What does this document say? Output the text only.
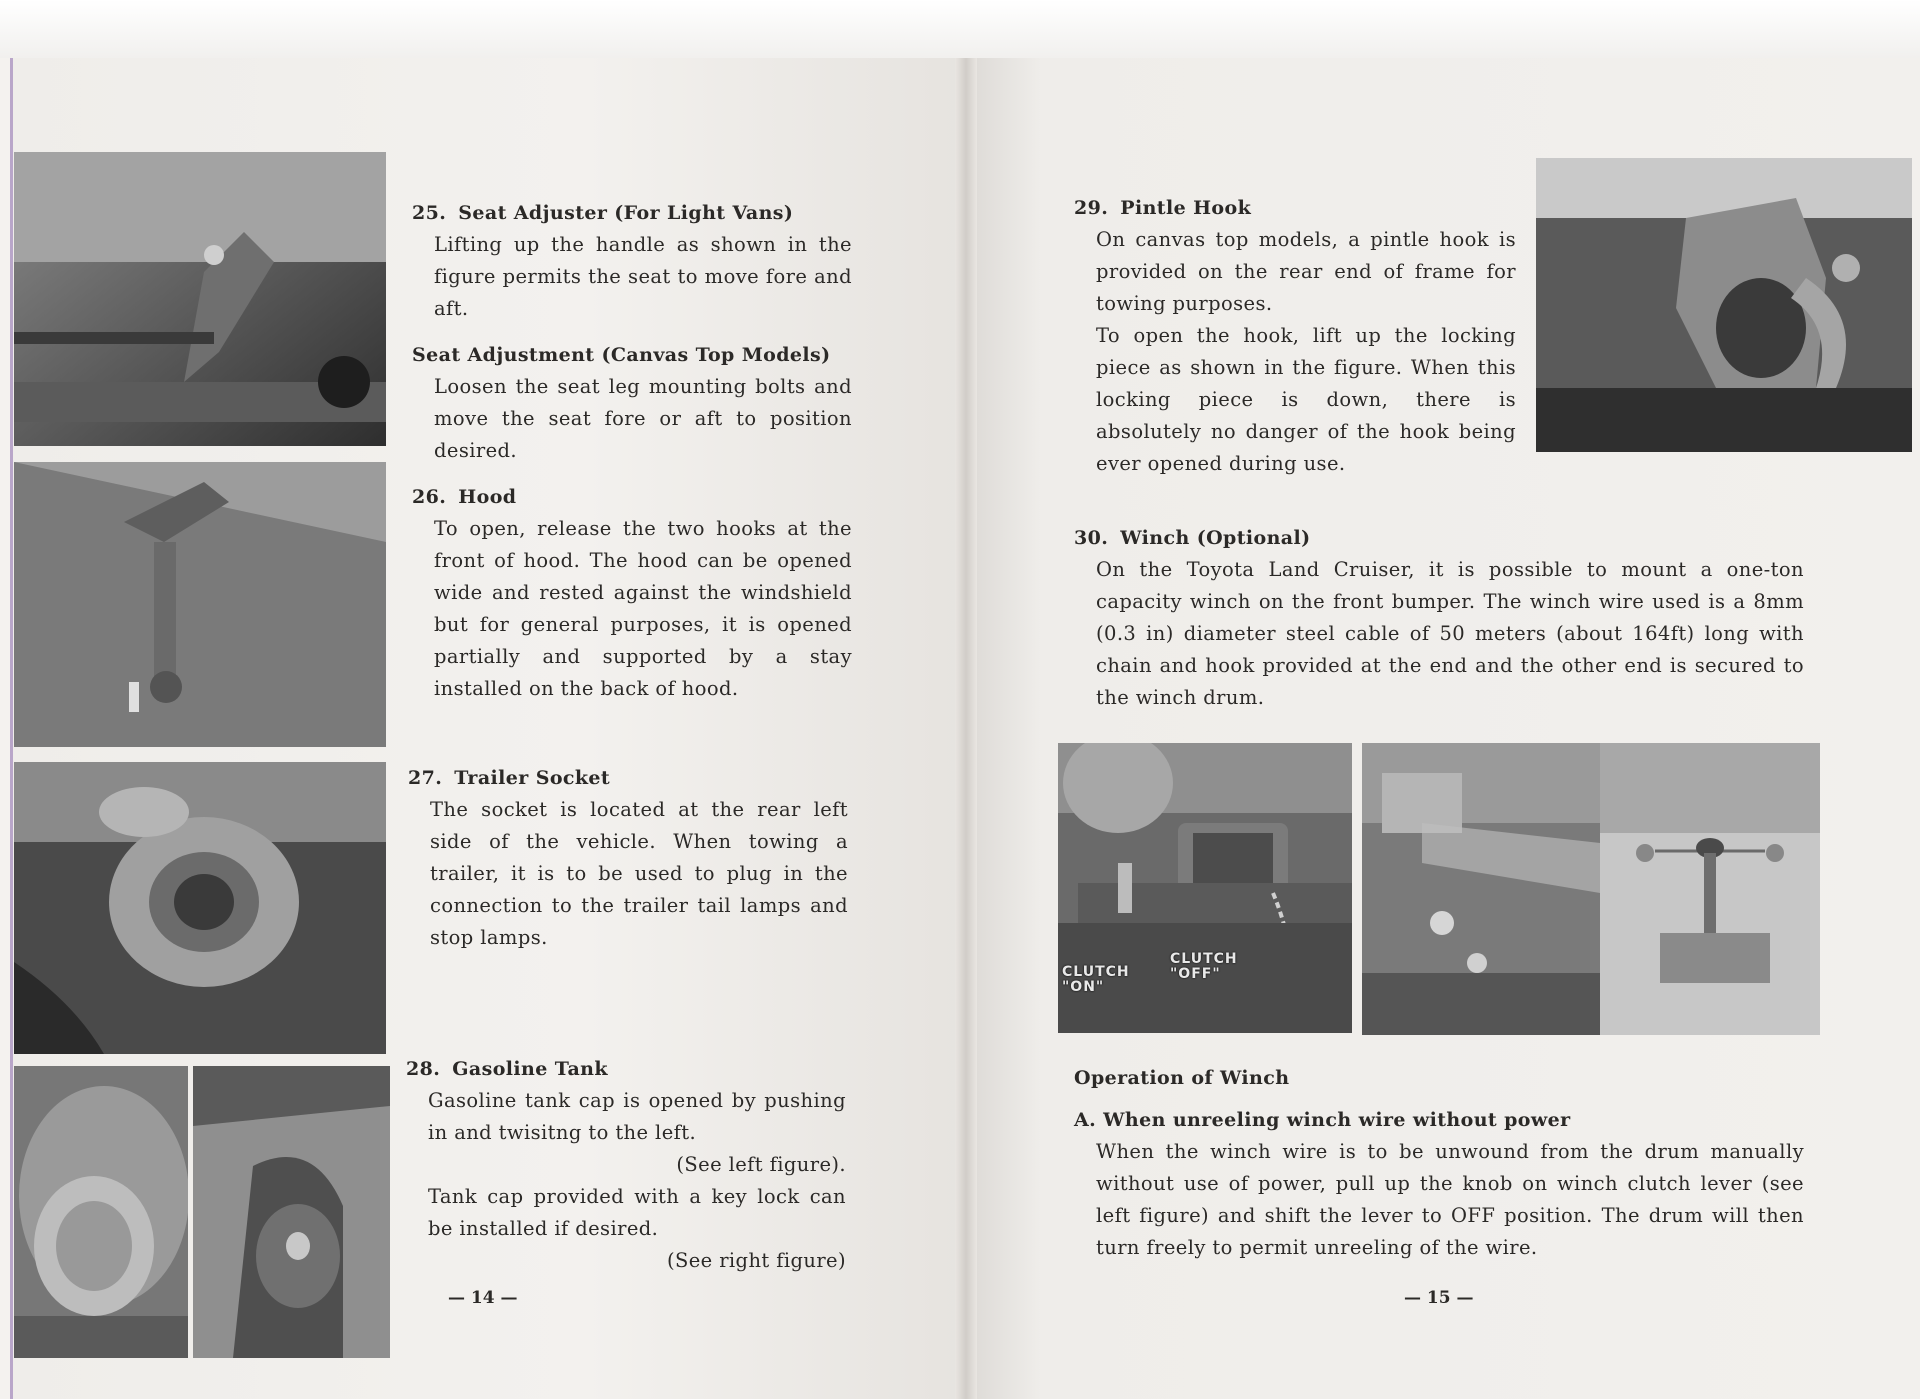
25. Seat Adjuster (For Light Vans)

Lifting up the handle as shown in the figure permits the seat to move fore and aft.

Seat Adjustment (Canvas Top Models)

Loosen the seat leg mounting bolts and move the seat fore or aft to position desired.

26. Hood

To open, release the two hooks at the front of hood. The hood can be opened wide and rested against the windshield but for general purposes, it is opened partially and supported by a stay installed on the back of hood.

27. Trailer Socket

The socket is located at the rear left side of the vehicle. When towing a trailer, it is to be used to plug in the connection to the trailer tail lamps and stop lamps.

28. Gasoline Tank

Gasoline tank cap is opened by pushing in and twisitng to the left.

(See left figure).

Tank cap provided with a key lock can be installed if desired.

(See right figure)

— 14 —
CLUTCH "ON"
CLUTCH "OFF"

29. Pintle Hook

On canvas top models, a pintle hook is provided on the rear end of frame for towing purposes.

To open the hook, lift up the locking piece as shown in the figure. When this locking piece is down, there is absolutely no danger of the hook being ever opened during use.

30. Winch (Optional)

On the Toyota Land Cruiser, it is possible to mount a one-ton capacity winch on the front bumper. The winch wire used is a 8mm (0.3 in) diameter steel cable of 50 meters (about 164ft) long with chain and hook provided at the end and the other end is secured to the winch drum.

Operation of Winch

A. When unreeling winch wire without power

When the winch wire is to be unwound from the drum manually without use of power, pull up the knob on winch clutch lever (see left figure) and shift the lever to OFF position. The drum will then turn freely to permit unreeling of the wire.

— 15 —
